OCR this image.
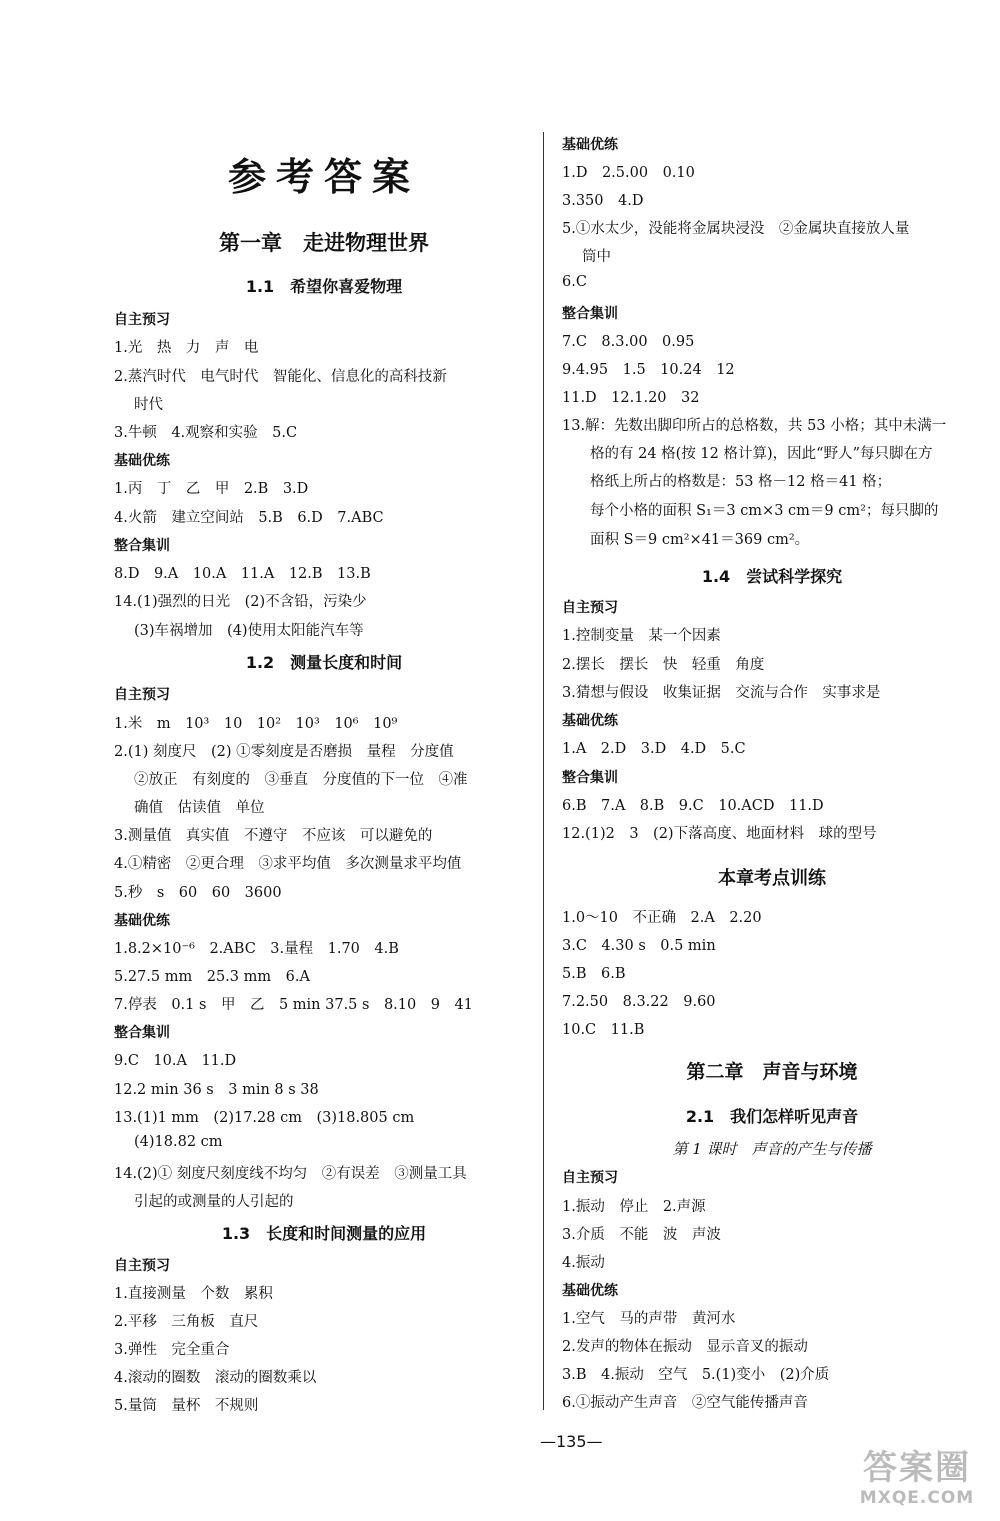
参考答案
第一章　走进物理世界
1.1　希望你喜爱物理
自主预习
1.光　热　力　声　电
2.蒸汽时代　电气时代　智能化、信息化的高科技新
时代
3.牛顿　4.观察和实验　5.C
基础优练
1.丙　丁　乙　甲　2.B　3.D
4.火箭　建立空间站　5.B　6.D　7.ABC
整合集训
8.D　9.A　10.A　11.A　12.B　13.B
14.(1)强烈的日光　(2)不含铅，污染少
(3)车祸增加　(4)使用太阳能汽车等
1.2　测量长度和时间
自主预习
1.米　m　10³　10　10²　10³　10⁶　10⁹
2.(1) 刻度尺　(2) ①零刻度是否磨损　量程　分度值
②放正　有刻度的　③垂直　分度值的下一位　④准
确值　估读值　单位
3.测量值　真实值　不遵守　不应该　可以避免的
4.①精密　②更合理　③求平均值　多次测量求平均值
5.秒　s　60　60　3600
基础优练
1.8.2×10⁻⁶　2.ABC　3.量程　1.70　4.B
5.27.5 mm　25.3 mm　6.A
7.停表　0.1 s　甲　乙　5 min 37.5 s　8.10　9　41
整合集训
9.C　10.A　11.D
12.2 min 36 s　3 min 8 s 38
13.(1)1 mm　(2)17.28 cm　(3)18.805 cm
(4)18.82 cm
14.(2)① 刻度尺刻度线不均匀　②有误差　③测量工具
引起的或测量的人引起的
1.3　长度和时间测量的应用
自主预习
1.直接测量　个数　累积
2.平移　三角板　直尺
3.弹性　完全重合
4.滚动的圈数　滚动的圈数乘以
5.量筒　量杯　不规则
基础优练
1.D　2.5.00　0.10
3.350　4.D
5.①水太少，没能将金属块浸没　②金属块直接放人量
筒中
6.C
整合集训
7.C　8.3.00　0.95
9.4.95　1.5　10.24　12
11.D　12.1.20　32
13.解：先数出脚印所占的总格数，共 53 小格；其中未满一
格的有 24 格(按 12 格计算)，因此“野人”每只脚在方
格纸上所占的格数是：53 格－12 格＝41 格；
每个小格的面积 S₁＝3 cm×3 cm＝9 cm²；每只脚的
面积 S＝9 cm²×41＝369 cm²。
1.4　尝试科学探究
自主预习
1.控制变量　某一个因素
2.摆长　摆长　快　轻重　角度
3.猜想与假设　收集证据　交流与合作　实事求是
基础优练
1.A　2.D　3.D　4.D　5.C
整合集训
6.B　7.A　8.B　9.C　10.ACD　11.D
12.(1)2　3　(2)下落高度、地面材料　球的型号
本章考点训练
1.0～10　不正确　2.A　2.20
3.C　4.30 s　0.5 min
5.B　6.B
7.2.50　8.3.22　9.60
10.C　11.B
第二章　声音与环境
2.1　我们怎样听见声音
第 1 课时　声音的产生与传播
自主预习
1.振动　停止　2.声源
3.介质　不能　波　声波
4.振动
基础优练
1.空气　马的声带　黄河水
2.发声的物体在振动　显示音叉的振动
3.B　4.振动　空气　5.(1)变小　(2)介质
6.①振动产生声音　②空气能传播声音
—135—
答案圈
MXQE.COM
